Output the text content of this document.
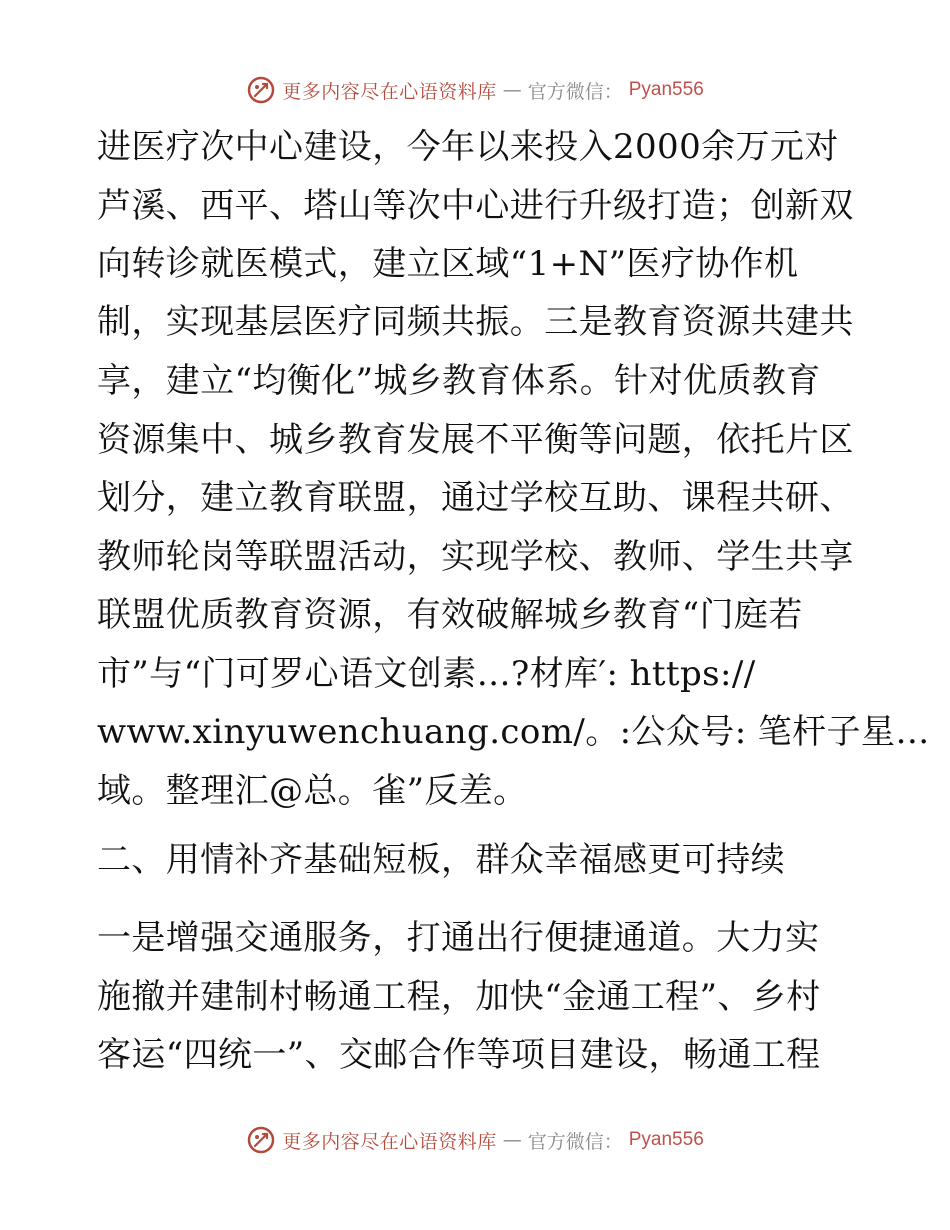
更多内容尽在心语资料库 — 官方微信： Pyan556
进医疗次中心建设，今年以来投入2000余万元对
芦溪、西平、塔山等次中心进行升级打造；创新双
向转诊就医模式，建立区域“1+N”医疗协作机
制，实现基层医疗同频共振。三是教育资源共建共
享，建立“均衡化”城乡教育体系。针对优质教育
资源集中、城乡教育发展不平衡等问题，依托片区
划分，建立教育联盟，通过学校互助、课程共研、
教师轮岗等联盟活动，实现学校、教师、学生共享
联盟优质教育资源，有效破解城乡教育“门庭若
市”与“门可罗心语文创素…?材库′: https://
www.xinyuwenchuang.com/。:公众号: 笔杆子星…
域。整理汇@总。雀”反差。
二、用情补齐基础短板，群众幸福感更可持续
一是增强交通服务，打通出行便捷通道。大力实
施撤并建制村畅通工程，加快“金通工程”、乡村
客运“四统一”、交邮合作等项目建设，畅通工程
更多内容尽在心语资料库 — 官方微信： Pyan556
